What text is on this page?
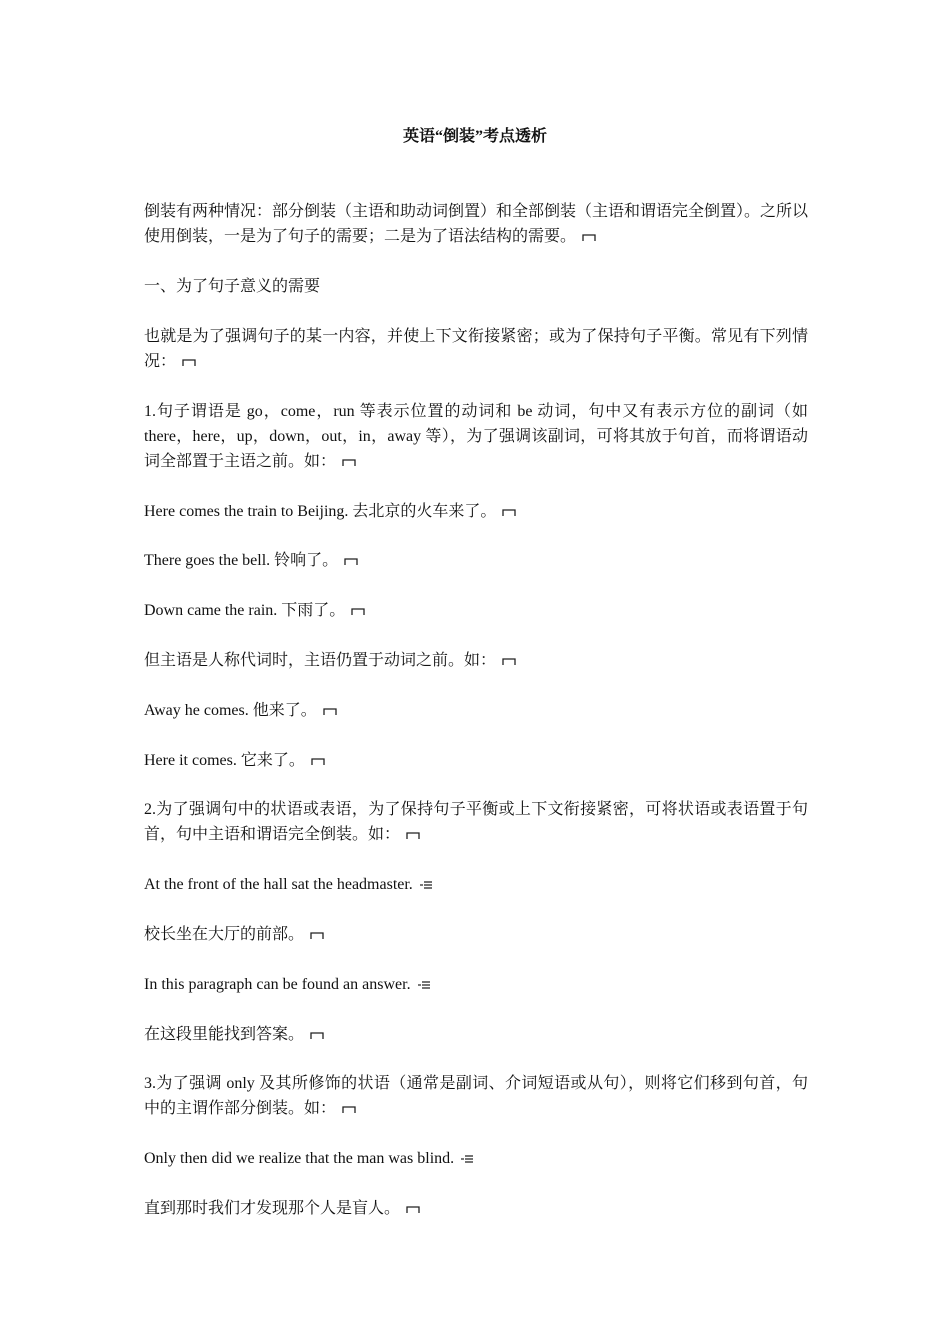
英语“倒装”考点透析
倒装有两种情况：部分倒装（主语和助动词倒置）和全部倒装（主语和谓语完全倒置）。之所以使用倒装，一是为了句子的需要；二是为了语法结构的需要。
一、为了句子意义的需要
也就是为了强调句子的某一内容，并使上下文衔接紧密；或为了保持句子平衡。常见有下列情况：
1.句子谓语是 go，come，run 等表示位置的动词和 be 动词，句中又有表示方位的副词（如 there，here，up，down，out，in，away 等），为了强调该副词，可将其放于句首，而将谓语动词全部置于主语之前。如：
Here comes the train to Beijing. 去北京的火车来了。
There goes the bell. 铃响了。
Down came the rain. 下雨了。
但主语是人称代词时，主语仍置于动词之前。如：
Away he comes. 他来了。
Here it comes. 它来了。
2.为了强调句中的状语或表语，为了保持句子平衡或上下文衔接紧密，可将状语或表语置于句首，句中主语和谓语完全倒装。如：
At the front of the hall sat the headmaster.
校长坐在大厅的前部。
In this paragraph can be found an answer.
在这段里能找到答案。
3.为了强调 only 及其所修饰的状语（通常是副词、介词短语或从句），则将它们移到句首，句中的主谓作部分倒装。如：
Only then did we realize that the man was blind.
直到那时我们才发现那个人是盲人。
